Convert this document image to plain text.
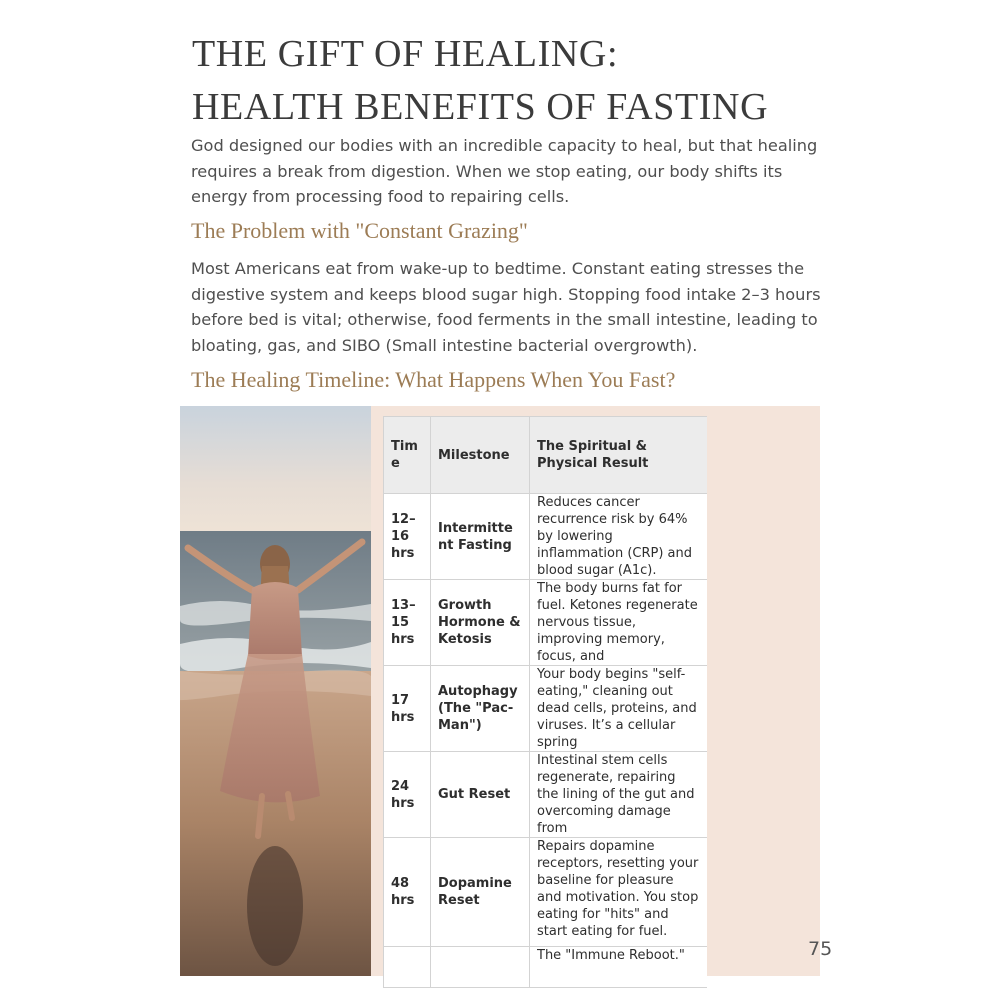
THE GIFT OF HEALING:
HEALTH BENEFITS OF FASTING

God designed our bodies with an incredible capacity to heal, but that healing requires a break from digestion. When we stop eating, our body shifts its energy from processing food to repairing cells.

The Problem with "Constant Grazing"

Most Americans eat from wake-up to bedtime. Constant eating stresses the digestive system and keeps blood sugar high. Stopping food intake 2–3 hours before bed is vital; otherwise, food ferments in the small intestine, leading to bloating, gas, and SIBO (Small intestine bacterial overgrowth).

The Healing Timeline: What Happens When You Fast?
Time	Milestone	The Spiritual & Physical Result
12–16 hrs	Intermittent Fasting	Reduces cancer recurrence risk by 64% by lowering inflammation (CRP) and blood sugar (A1c).

13–15 hrs	Growth Hormone & Ketosis	The body burns fat for fuel. Ketones regenerate nervous tissue, improving memory, focus, and

17 hrs	Autophagy (The "Pac-Man")	Your body begins "self-eating," cleaning out dead cells, proteins, and viruses. It’s a cellular spring

24 hrs	Gut Reset	Intestinal stem cells regenerate, repairing the lining of the gut and overcoming damage from

48 hrs	Dopamine Reset	Repairs dopamine receptors, resetting your baseline for pleasure and motivation. You stop eating for "hits" and start eating for fuel.

		The "Immune Reboot."	75
